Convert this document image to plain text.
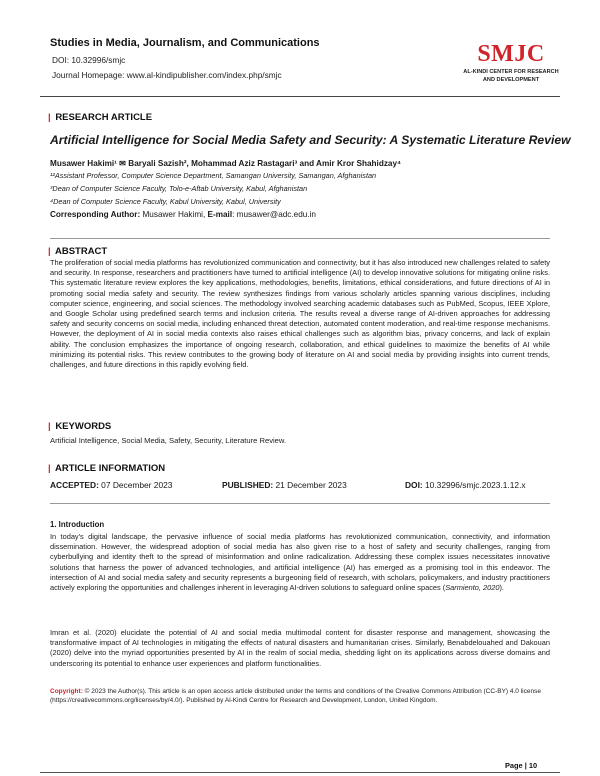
Studies in Media, Journalism, and Communications
DOI: 10.32996/smjc
Journal Homepage: www.al-kindipublisher.com/index.php/smjc
SMJC
AL-KINDI CENTER FOR RESEARCH
AND DEVELOPMENT
| RESEARCH ARTICLE
Artificial Intelligence for Social Media Safety and Security: A Systematic Literature Review
Musawer Hakimi¹ ✉ Baryali Sazish², Mohammad Aziz Rastagari³ and Amir Kror Shahidzay⁴
¹²Assistant Professor, Computer Science Department, Samangan University, Samangan, Afghanistan
³Dean of Computer Science Faculty, Tolo-e-Aftab University, Kabul, Afghanistan
⁴Dean of Computer Science Faculty, Kabul University, Kabul, University
Corresponding Author: Musawer Hakimi, E-mail: musawer@adc.edu.in
| ABSTRACT
The proliferation of social media platforms has revolutionized communication and connectivity, but it has also introduced new challenges related to safety and security. In response, researchers and practitioners have turned to artificial intelligence (AI) to develop innovative solutions for mitigating online risks. This systematic literature review explores the key applications, methodologies, benefits, limitations, ethical considerations, and future directions of AI in promoting social media safety and security. The review synthesizes findings from various scholarly articles spanning various disciplines, including computer science, engineering, and social sciences. The methodology involved searching academic databases such as PubMed, Scopus, IEEE Xplore, and Google Scholar using predefined search terms and inclusion criteria. The results reveal a diverse range of AI-driven approaches for addressing safety and security concerns on social media, including enhanced threat detection, automated content moderation, and real-time response mechanisms. However, the deployment of AI in social media contexts also raises ethical challenges such as algorithm bias, privacy concerns, and lack of explain ability. The conclusion emphasizes the importance of ongoing research, collaboration, and ethical guidelines to maximize the benefits of AI while minimizing its potential risks. This review contributes to the growing body of literature on AI and social media by providing insights into current trends, challenges, and future directions in this rapidly evolving field.
| KEYWORDS
Artificial Intelligence, Social Media, Safety, Security, Literature Review.
| ARTICLE INFORMATION
ACCEPTED: 07 December 2023	PUBLISHED: 21 December 2023	DOI: 10.32996/smjc.2023.1.12.x
1. Introduction
In today's digital landscape, the pervasive influence of social media platforms has revolutionized communication, connectivity, and information dissemination. However, the widespread adoption of social media has also given rise to a host of safety and security challenges, ranging from cyberbullying and identity theft to the spread of misinformation and online radicalization. Addressing these complex issues necessitates innovative solutions that harness the power of advanced technologies, and artificial intelligence (AI) has emerged as a promising tool in this endeavor. The intersection of AI and social media safety and security represents a burgeoning field of research, with scholars, policymakers, and industry practitioners actively exploring the opportunities and challenges inherent in leveraging AI-driven solutions to safeguard online spaces (Sarmiento, 2020).
Imran et al. (2020) elucidate the potential of AI and social media multimodal content for disaster response and management, showcasing the transformative impact of AI technologies in mitigating the effects of natural disasters and humanitarian crises. Similarly, Benabdelouahed and Dakouan (2020) delve into the myriad opportunities presented by AI in the realm of social media, shedding light on its applications across diverse domains and underscoring its potential to enhance user experiences and platform functionalities.
Copyright: © 2023 the Author(s). This article is an open access article distributed under the terms and conditions of the Creative Commons Attribution (CC-BY) 4.0 license (https://creativecommons.org/licenses/by/4.0/). Published by Al-Kindi Centre for Research and Development, London, United Kingdom.
Page | 10
